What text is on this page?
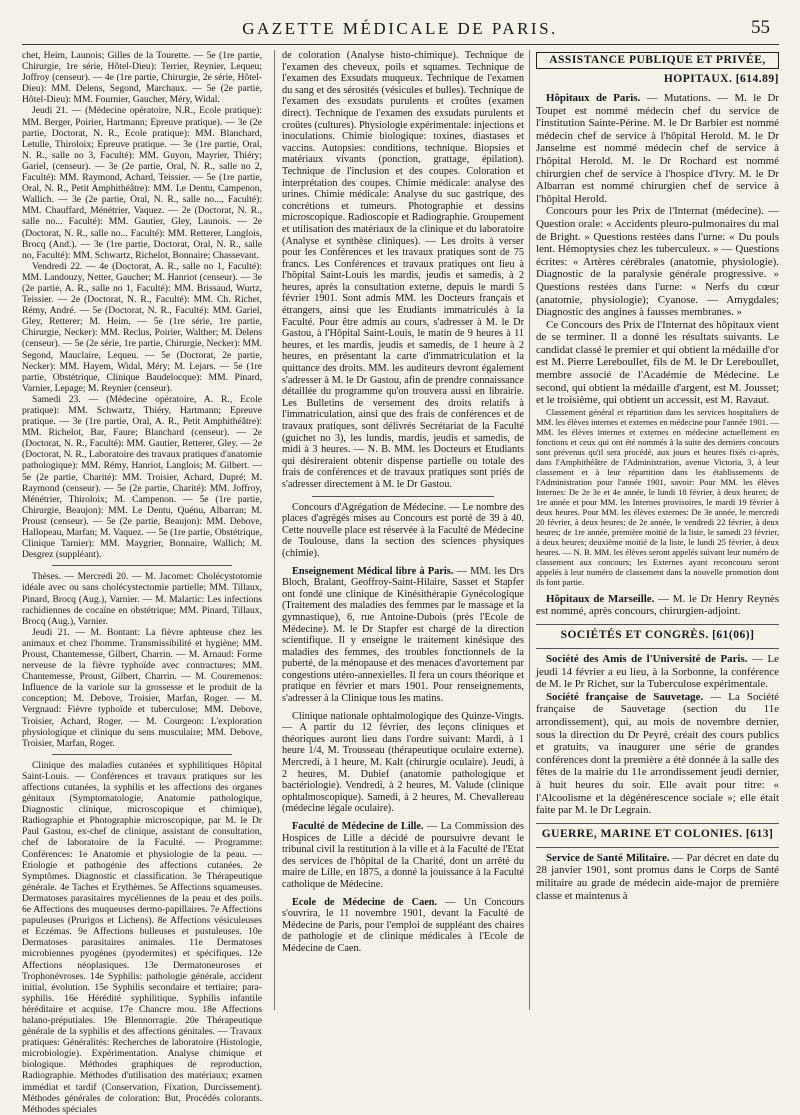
GAZETTE MÉDICALE DE PARIS.	55

chet, Heim, Launois; Gilles de la Tourette. — 5e (1re partie, Chirurgie, 1re série, Hôtel-Dieu): Terrier, Reynier, Lequeu; Joffroy (censeur). — 4e (1re partie, Chirurgie, 2e série, Hôtel-Dieu): MM. Delens, Segond, Marchaux. — 5e (2e partie, Hôtel-Dieu): MM. Fournier, Gaucher, Méry, Widal.

Jeudi 21. — (Médecine opératoire, N.R., Ecole pratique): MM. Berger, Poirier, Hartmann; Epreuve pratique). — 3e (2e partie, Doctorat, N. R., Ecole pratique): MM. Blanchard, Letulle, Thiroloix; Epreuve pratique. — 3e (1re partie, Oral, N. R., salle no 3, Faculté): MM. Guyon, Mayrier, Thiéry; Gariel, (censeur). — 3e (2e partie, Oral, N. R., salle no 2, Faculté): MM. Raymond, Achard, Teissier. — 5e (1re partie, Oral, N. R., Petit Amphithéâtre): MM. Le Dentu, Campenon, Wallich. — 3e (2e partie, Oral, N. R., salle no..., Faculté): MM. Chauffard, Ménétrier, Vaquez. — 2e (Doctorat, N. R., salle no... Faculté): MM. Gautier, Gley, Launois. — 2e (Doctorat, N. R., salle no... Faculté): MM. Retterer, Langlois, Brocq (And.). — 3e (1re partie, Doctorat, Oral, N. R., salle no, Faculté): MM. Schwartz, Richelot, Bonnaire; Chassevant.

Vendredi 22. — 4e (Doctorat, A. R., salle no 1, Faculté): MM. Landouzy, Netter, Gaucher; M. Hanriot (censeur). — 3e (2e partie, A. R., salle no 1, Faculté): MM. Brissaud, Wurtz, Teissier. — 2e (Doctorat, N. R., Faculté): MM. Ch. Richet, Rémy, André. — 5e (Doctorat, N. R., Faculté): MM. Gariel, Gley, Retterer; M. Heim. — 5e (1re série, 1re partie, Chirurgie, Necker): MM. Reclus, Poirier, Walther; M. Delens (censeur). — 5e (2e série, 1re partie, Chirurgie, Necker): MM. Segond, Mauclaire, Lequeu. — 5e (Doctorat, 2e partie, Necker): MM. Hayem, Widal, Méry; M. Lejars. — 5e (1re partie, Obstétrique, Clinique Baudelocque): MM. Pinard, Varnier, Lepage; M. Reynier (censeur).

Samedi 23. — (Médecine opératoire, A. R., Ecole pratique): MM. Schwartz, Thiéry, Hartmann; Epreuve pratique. — 3e (1re partie, Oral, A. R., Petit Amphithéâtre): MM. Richelot, Bar, Faure; Blanchard (censeur). — 2e (Doctorat, N. R., Faculté): MM. Gautier, Retterer, Gley. — 2e (Doctorat, N. R., Laboratoire des travaux pratiques d'anatomie pathologique): MM. Rémy, Hanriot, Langlois; M. Gilbert. — 5e (2e partie, Charité): MM. Troisier, Achard, Dupré; M. Raymond (censeur). — 5e (2e partie, Charité): MM. Joffroy, Ménétrier, Thiroloix; M. Campenon. — 5e (1re partie, Chirurgie, Beaujon): MM. Le Dentu, Quénu, Albarran; M. Proust (censeur). — 5e (2e partie, Beaujon): MM. Debove, Hallopeau, Marfan; M. Vaquez. — 5e (1re partie, Obstétrique, Clinique Tarnier): MM. Maygrier, Bonnaire, Wallich; M. Desgrez (suppléant).

Thèses. — Mercredi 20. — M. Jacomet: Cholécystotomie idéale avec ou sans cholécystectomie partielle; MM. Tillaux, Pinard, Brocq (Aug.), Varnier. — M. Malartic: Les infections rachidiennes de cocaïne en obstétrique; MM. Pinard, Tillaux, Brocq (Aug.), Varnier.

Jeudi 21. — M. Bontant: La fièvre aphteuse chez les animaux et chez l'homme. Transmissibilité et hygiène; MM. Proust, Chantemesse, Gilbert, Charrin. — M. Arnaud: Forme nerveuse de la fièvre typhoïde avec contractures; MM. Chantemesse, Proust, Gilbert, Charrin. — M. Couremenos: Influence de la variole sur la grossesse et le produit de la conception; M. Debove, Troisier, Marfan, Roger. — M. Vergnaud: Fièvre typhoïde et tuberculose; MM. Debove, Troisier, Achard, Roger. — M. Courgeon: L'exploration physiologique et clinique du sens musculaire; MM. Debove, Troisier, Marfan, Roger.

Clinique des maladies cutanées et syphilitiques Hôpital Saint-Louis. — Conférences et travaux pratiques sur les affections cutanées, la syphilis et les affections des organes génitaux (Symptomatologie, Anatomie pathologique, Diagnostic clinique, microscopique et chimique), Radiographie et Photographie microscopique, par M. le Dr Paul Gastou, ex-chef de clinique, assistant de consultation, chef de laboratoire de la Faculté. — Programme: Conférences: 1e Anatomie et physiologie de la peau. — Etiologie et pathogénie des affections cutanées. 2e Symptômes. Diagnostic et classification. 3e Thérapeutique générale. 4e Taches et Erythèmes. 5e Affections squameuses. Dermatoses parasitaires mycéliennes de la peau et des poils. 6e Affections des muqueuses dermo-papillaires. 7e Affections papuleuses (Prurigos et Lichens). 8e Affections vésiculeuses et Eczémas. 9e Affections bulleuses et pustuleuses. 10e Dermatoses parasitaires animales. 11e Dermatoses microbiennes pyogènes (pyodermites) et spécifiques. 12e Affections néoplasiques. 13e Dermatoneuroses et Trophonévroses. 14e Syphilis: pathologie générale, accident initial, évolution. 15e Syphilis secondaire et tertiaire; para-syphilis. 16e Hérédité syphilitique. Syphilis infantile héréditaire et acquise. 17e Chancre mou. 18e Affections balano-préputiales. 19e Blennorragie. 20e Thérapeutique générale de la syphilis et des affections génitales. — Travaux pratiques: Généralités: Recherches de laboratoire (Histologie, microbiologie). Expérimentation. Analyse chimique et biologique. Méthodes graphiques de reproduction, Radiographie. Méthodes d'utilisation des matériaux; examen immédiat et tardif (Conservation, Fixation, Durcissement). Méthodes générales de coloration: But, Procédés colorants. Méthodes spéciales

de coloration (Analyse histo-chimique). Technique de l'examen des cheveux, poils et squames. Technique de l'examen des Exsudats muqueux. Technique de l'examen du sang et des sérosités (vésicules et bulles). Technique de l'examen des exsudats purulents et croûtes (examen direct). Technique de l'examen des exsudats purulents et croûtes (cultures). Physiologie expérimentale: injections et inoculations. Chimie biologique: toxines, diastases et vaccins. Autopsies: conditions, technique. Biopsies et matériaux vivants (ponction, grattage, épilation). Technique de l'inclusion et des coupes. Coloration et interprétation des coupes. Chimie médicale: analyse des urines. Chimie médicale: Analyse du suc gastrique, des concrétions et tumeurs. Photographie et dessins microscopique. Radioscopie et Radiographie. Groupement et utilisation des matériaux de la clinique et du laboratoire (Analyse et synthèse cliniques). — Les droits à verser pour les Conférences et les travaux pratiques sont de 75 francs. Les Conférences et travaux pratiques ont lieu à l'hôpital Saint-Louis les mardis, jeudis et samedis, à 2 heures, après la consultation externe, depuis le mardi 5 février 1901. Sont admis MM. les Docteurs français et étrangers, ainsi que les Etudiants immatriculés à la Faculté. Pour être admis au cours, s'adresser à M. le Dr Gastou, à l'Hôpital Saint-Louis, le matin de 9 heures à 11 heures, et les mardis, jeudis et samedis, de 1 heure à 2 heures, en présentant la carte d'immatriculation et la quittance des droits. MM. les auditeurs devront également s'adresser à M. le Dr Gastou, afin de prendre connaissance détaillée du programme qu'on trouvera aussi en librairie. Les Bulletins de versement des droits relatifs à l'immatriculation, ainsi que des frais de conférences et de travaux pratiques, sont délivrés Secrétariat de la Faculté (guichet no 3), les lundis, mardis, jeudis et samedis, de midi à 3 heures. — N. B. MM. les Docteurs et Etudiants qui désireraient obtenir dispense partielle ou totale des frais de conférences et de travaux pratiques sont priés de s'adresser directement à M. le Dr Gastou.

Concours d'Agrégation de Médecine. — Le nombre des places d'agrégés mises au Concours est porté de 39 à 40. Cette nouvelle place est réservée à la Faculté de Médecine de Toulouse, dans la section des sciences physiques (chimie).

Enseignement Médical libre à Paris. — MM. les Drs Bloch, Bralant, Geoffroy-Saint-Hilaire, Sasset et Stapfer ont fondé une clinique de Kinésithérapie Gynécologique (Traitement des maladies des femmes par le massage et la gymnastique), 6, rue Antoine-Dubois (près l'Ecole de Médecine). M. le Dr Stapfer est chargé de la direction scientifique. Il y enseigne le traitement kinésique des maladies des femmes, des troubles fonctionnels de la puberté, de la ménopause et des menaces d'avortement par congestions utéro-annexielles. Il fera un cours théorique et pratique en février et mars 1901. Pour renseignements, s'adresser à la Clinique tous les matins.

Clinique nationale ophtalmologique des Quinze-Vingts. — A partir du 12 février, des leçons cliniques et théoriques auront lieu dans l'ordre suivant: Mardi, à 1 heure 1/4, M. Trousseau (thérapeutique oculaire externe). Mercredi, à 1 heure, M. Kalt (chirurgie oculaire). Jeudi, à 2 heures, M. Dubief (anatomie pathologique et bactériologie). Vendredi, à 2 heures, M. Valude (clinique ophtalmoscopique). Samedi, à 2 heures, M. Chevallereau (médecine légale oculaire).

Faculté de Médecine de Lille. — La Commission des Hospices de Lille a décidé de poursuivre devant le tribunal civil la restitution à la ville et à la Faculté de l'Etat des services de l'hôpital de la Charité, dont un arrêté du maire de Lille, en 1875, a donné la jouissance à la Faculté catholique de Médecine.

Ecole de Médecine de Caen. — Un Concours s'ouvrira, le 11 novembre 1901, devant la Faculté de Médecine de Paris, pour l'emploi de suppléant des chaires de pathologie et de clinique médicales à l'Ecole de Médecine de Caen.

ASSISTANCE PUBLIQUE ET PRIVÉE,
HOPITAUX. [614.89]

Hôpitaux de Paris. — Mutations. — M. le Dr Toupet est nommé médecin chef du service de l'institution Sainte-Périne. M. le Dr Barbier est nommé médecin chef de service à l'hôpital Herold. M. le Dr Janselme est nommé médecin chef de service à l'hôpital Herold. M. le Dr Rochard est nommé chirurgien chef de service à l'hospice d'Ivry. M. le Dr Albarran est nommé chirurgien chef de service à l'hôpital Herold.

Concours pour les Prix de l'Internat (médecine). — Question orale: « Accidents pleuro-pulmonaires du mal de Bright. » Questions restées dans l'urne: « Du pouls lent. Hémoptysies chez les tuberculeux. » — Questions écrites: « Artères cérébrales (anatomie, physiologie). Diagnostic de la paralysie générale progressive. » Questions restées dans l'urne: « Nerfs du cœur (anatomie, physiologie); Cyanose. — Amygdales; Diagnostic des angines à fausses membranes. »

Ce Concours des Prix de l'Internat des hôpitaux vient de se terminer. Il a donné les résultats suivants. Le candidat classé le premier et qui obtient la médaille d'or est M. Pierre Lereboullet, fils de M. le Dr Lereboullet, membre associé de l'Académie de Médecine. Le second, qui obtient la médaille d'argent, est M. Jousset; et le troisième, qui obtient un accessit, est M. Ravaut.

Classement général et répartition dans les services hospitaliers de MM. les élèves internes et externes en médecine pour l'année 1901. — MM. les élèves internes et externes en médecine actuellement en fonctions et ceux qui ont été nommés à la suite des derniers concours sont prévenus qu'il sera procédé, aux jours et heures fixés ci-après, dans l'Amphithéâtre de l'Administration, avenue Victoria, 3, à leur classement et à leur répartition dans les établissements de l'Administration pour l'année 1901, savoir: Pour MM. les élèves Internes: De 2e 3e et 4e année, le lundi 18 février, à deux heures; de 1re année et pour MM. les Internes provisoires, le mardi 19 février à deux heures. Pour MM. les élèves externes: De 3e année, le mercredi 20 février, à deux heures; de 2e année, le vendredi 22 février, à deux heures; de 1re année, première moitié de la liste, le samedi 23 février, à deux heures; deuxième moitié de la liste, le lundi 25 février, à deux heures. — N. B. MM. les élèves seront appelés suivant leur numéro de classement aux concours; les Externes ayant reconcouru seront appelés à leur numéro de classement dans la nouvelle promotion dont ils font partie.

Hôpitaux de Marseille. — M. le Dr Henry Reynès est nommé, après concours, chirurgien-adjoint.

SOCIÉTÉS ET CONGRÈS. [61(06)]

Société des Amis de l'Université de Paris. — Le jeudi 14 février a eu lieu, à la Sorbonne, la conférence de M. le Pr Richet, sur la Tuberculose expérimentale.

Société française de Sauvetage. — La Société française de Sauvetage (section du 11e arrondissement), qui, au mois de novembre dernier, sous la direction du Dr Peyré, créait des cours publics et gratuits, va inaugurer une série de grandes conférences dont la première a été donnée à la salle des fêtes de la mairie du 11e arrondissement jeudi dernier, à huit heures du soir. Elle avait pour titre: « l'Alcoolisme et la dégénérescence sociale »; elle était faite par M. le Dr Legrain.

GUERRE, MARINE ET COLONIES. [613]

Service de Santé Militaire. — Par décret en date du 28 janvier 1901, sont promus dans le Corps de Santé militaire au grade de médecin aide-major de première classe et maintenus à
